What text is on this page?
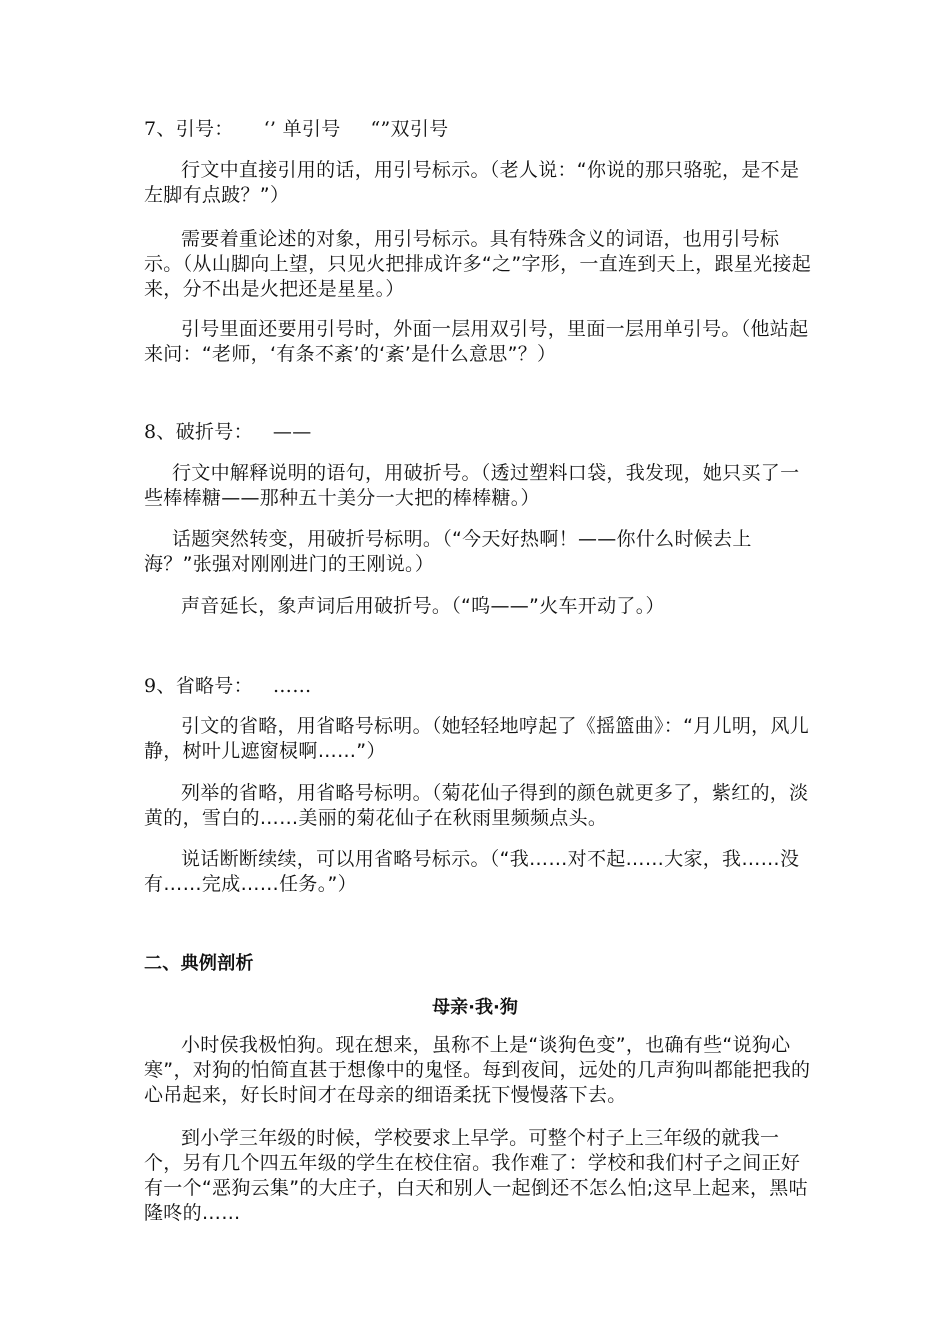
7、引号： ‘’ 单引号 “”双引号
行文中直接引用的话，用引号标示。（老人说：“你说的那只骆驼，是不是左脚有点跛？”）
需要着重论述的对象，用引号标示。具有特殊含义的词语，也用引号标示。（从山脚向上望，只见火把排成许多“之”字形，一直连到天上，跟星光接起来，分不出是火把还是星星。）
引号里面还要用引号时，外面一层用双引号，里面一层用单引号。（他站起来问：“老师，‘有条不紊’的‘紊’是什么意思”？）
8、破折号： ——
行文中解释说明的语句，用破折号。（透过塑料口袋，我发现，她只买了一些棒棒糖——那种五十美分一大把的棒棒糖。）
话题突然转变，用破折号标明。（“今天好热啊！——你什么时候去上海？”张强对刚刚进门的王刚说。）
声音延长，象声词后用破折号。（“呜——”火车开动了。）
9、省略号： ……
引文的省略，用省略号标明。（她轻轻地哼起了《摇篮曲》：“月儿明，风儿静，树叶儿遮窗棂啊……”）
列举的省略，用省略号标明。（菊花仙子得到的颜色就更多了，紫红的，淡黄的，雪白的……美丽的菊花仙子在秋雨里频频点头。
说话断断续续，可以用省略号标示。（“我……对不起……大家，我……没有……完成……任务。”）
二、典例剖析
母亲·我·狗
小时侯我极怕狗。现在想来，虽称不上是“谈狗色变”，也确有些“说狗心寒”，对狗的怕简直甚于想像中的鬼怪。每到夜间，远处的几声狗叫都能把我的心吊起来，好长时间才在母亲的细语柔抚下慢慢落下去。
到小学三年级的时候，学校要求上早学。可整个村子上三年级的就我一个，另有几个四五年级的学生在校住宿。我作难了：学校和我们村子之间正好有一个“恶狗云集”的大庄子，白天和别人一起倒还不怎么怕;这早上起来，黑咕隆咚的……
